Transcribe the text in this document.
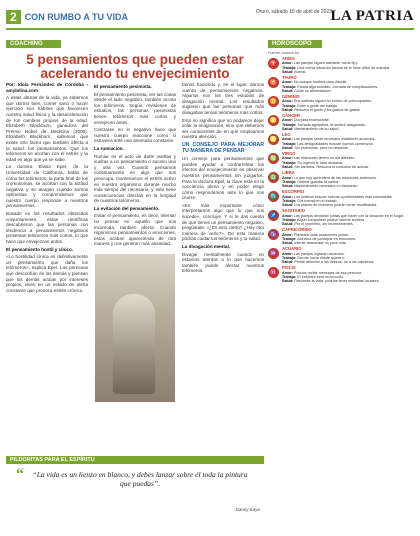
2 CON RUMBO A TU VIDA	Oruro, sábado 15 de abril de 2023
LA PATRIA
COACHING
5 pensamientos que pueden estar acelerando tu envejecimiento

Por: Idoia Fernández de Córdoba - amylolina.com

A estas alturas de la vida, ya sabemos que dormir bien, comer sano o hacer ejercicio son hábitos que favorecen nuestra salud física y la desaceleración de los cambios propios de la edad. Elizabeth Blackburn, ganadora del Premio Nobel de Medicina (2009), Elizabeth Blackburn, sabemos que existe otro factor que también afecta a la salud: los pensamientos. Que los telómeros se acortan con el estrés y la edad es algo que ya se sabe.

La doctora Elissa Epel, de la Universidad de California, habla de cómo los telómeros, la parte final de los cromosomas, se acortan con la actitud negativa y se alargan cuando somos optimistas y comprendemos que nuestro cuerpo responde a nuestros pensamientos.

Basado en los resultados obtenidos conjuntamente, estas científicas descubrieron que las personas con tendencia a pensamientos negativos presentan telómeros más cortos, lo que hace que envejezcan antes.

El pensamiento hostil y cínico.

«Lo hostilidad cínica es definitivamente un pensamiento que daña los telómeros», explica Epel. Las personas que desconfían de los demás y piensan que los demás actúan por intereses propios, viven en un estado de alerta constante que provoca estrés crónico.

El pensamiento pesimista.

El pensamiento pesimista, ver las cosas desde el lado negativo, también acorta los telómeros. Según revisiones de estudios, las personas pesimistas tienen telómeros más cortos y envejecen antes.

Centrarse en lo negativo hace que nuestro cuerpo reaccione como si estuviera ante una amenaza constante.

La rumiación.

Rumiar es el acto de darle vueltas y vueltas a un pensamiento o suceso una y otra vez. Cuando pensamos continuamente en algo que nos preocupa, mantenemos el estrés activo en nuestro organismo durante mucho más tiempo del necesario, y esto tiene consecuencias directas en la longitud de nuestros telómeros.

La evitación del pensamiento.

Evitar el pensamiento, es decir, intentar no pensar en aquello que nos incomoda, también afecta. Cuando reprimimos pensamientos o emociones, estos acaban apareciendo de otra manera y nos generan más ansiedad.

tamos haciendo y, en el lugar, darnos cuenta de pensamientos negativos. Algunos son los tres estudios de divagación mental. Los resultados sugieren que las personas que más divagaban tenían telómeros más cortos.

Esto no significa que no podamos dejar volar la imaginación, sino que debemos ser conscientes de en qué empleamos nuestra atención.

UN CONSEJO PARA MEJORAR TU MANERA DE PENSAR

Un consejo para pensamientos que pueden ayudar a contrarrestar los efectos del envejecimiento es observar nuestros pensamientos sin juzgarlos. Para la doctora Epel, la clave está en la conciencia plena y en poder elegir cómo respondemos ante lo que nos ocurre.

«Es más importante cómo interpretamos algo que lo que nos sucede», concluye. Y si te das cuenta de que tienes un pensamiento negativo, pregúntate: «¿Es esto cierto? ¿Hay otra manera de verlo?». De esta manera podrás cuidar tus telómeros y tu salud.

La divagación mental.

Divagar mentalmente cuando no estamos atentos a lo que hacemos también puede afectar nuestros telómeros.

PILDORITAS PARA EL ESPÍRITU
“	“La vida es un lienzo en blanco, y debes lanzar sobre él toda la pintura que puedas”.
Danny Kaye
HORÓSCOPO
Fuente: sonoss.es
♈
ARIES
Amor: Las parejas siguen adelante, ruma 9p).
Trabajo: Una nueva situación laboral se le hace difícil de manejar.
Salud: Buena.
♉
TAURO
Amor: No busque motivos para discutir.
Trabajo: Estará algo sobrado. Jornada de complicaciones.
Salud: Cuide su alimentación.
♊
GÉMINIS
Amor: Sus solteras siguen su rumbo de preocupantes.
Trabajo: Evite a gente del trabajo.
Salud: Reduzca el gusto y los gastos de gastar.
♋
CÁNCER
Amor: Día para enamorarse.
Trabajo: Jornada agotadora, te sentirá desganado.
Salud: Mantenimiento de su salud.
♌
LEO
Amor: Las parejas serán necesario establecer acuerdos.
Trabajo: Las desigualdades buscan nuevos comienzos.
Salud: Sin problemas, pero no descuide.
♍
VIRGO
Amor: Las relaciones tienen un día alterado.
Trabajo: Su ingenio le hará destacar.
Salud: Sin cambios. Reduzca el consumo de azúcar.
♎
LIBRA
Amor: Lo que hoy aprenderá de las relaciones anteriores.
Trabajo: Deberá guardar la calma.
Salud: Mantenimiento necesario en descanso.
♏
ESCORPIO
Amor: Los solteros buscan nuevas oportunidades más entusiastas.
Trabajo: Día normal en el trabajo.
Salud: Los planes de inversión podrán verse modificados.
♐
SAGITARIO
Amor: Las parejas decidirán juntas qué hacer con la situación en el hogar.
Trabajo: Algún compañero podría hacerle sombra.
Salud: Por el momento, sin inconvenientes.
♑
CAPRICORNIO
Amor: Planeará unas vacaciones juntas.
Trabajo: Abertura de participar en reuniones.
Salud: Intente descansar un poco más.
♒
ACUARIO
Amor: Las parejas lograrán acuerdos.
Trabajo: Decide hacia dónde quiere ir.
Salud: Preste atención a los deseos, no a los caprichos.
♓
PISCIS
Amor: Podrías recibir mensajes de esa persona.
Trabajo: El esfuerzo será reconocido.
Salud: Descanse la vista, podrías tener molestias oculares.
